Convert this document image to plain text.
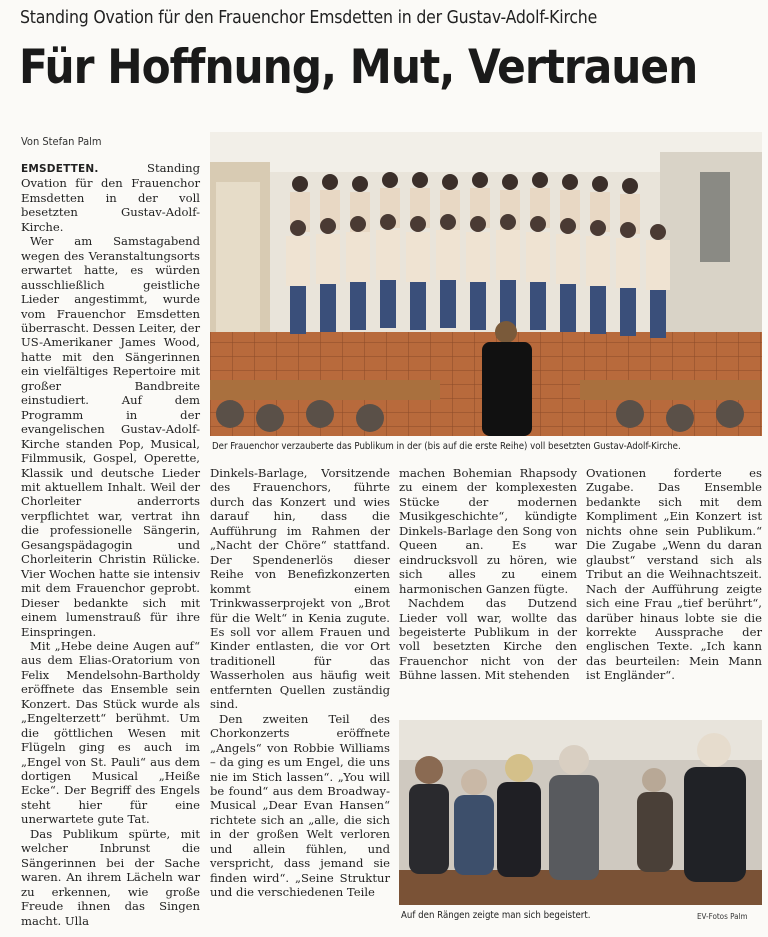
Standing Ovation für den Frauenchor Emsdetten in der Gustav-Adolf-Kirche
Für Hoffnung, Mut, Vertrauen
Von Stefan Palm
Der Frauenchor verzauberte das Publikum in der (bis auf die erste Reihe) voll besetzten Gustav-Adolf-Kirche.

EMSDETTEN.	Standing Ovation für den Frauenchor Emsdetten in der voll besetzten Gustav-Adolf-Kirche.

Wer am Samstagabend wegen des Veranstaltungsorts erwartet hatte, es würden ausschließlich geistliche Lieder angestimmt, wurde vom Frauenchor Emsdetten überrascht. Dessen Leiter, der US-Amerikaner James Wood, hatte mit den Sängerinnen ein vielfältiges Repertoire mit großer Bandbreite einstudiert. Auf dem Programm in der evangelischen Gustav-Adolf-Kirche standen Pop, Musical, Filmmusik, Gospel, Operette, Klassik und deutsche Lieder mit aktuellem Inhalt. Weil der Chorleiter anderrorts verpflichtet war, vertrat ihn die professionelle Sängerin, Gesangspädagogin und Chorleiterin Christin Rülicke. Vier Wochen hatte sie intensiv mit dem Frauenchor geprobt. Dieser bedankte sich mit einem lumenstrauß für ihre Einspringen.

Mit „Hebe deine Augen auf“ aus dem Elias-Oratorium von Felix Mendelsohn-Bartholdy eröffnete das Ensemble sein Konzert. Das Stück wurde als „Engelterzett“ berühmt. Um die göttlichen Wesen mit Flügeln ging es auch im „Engel von St. Pauli“ aus dem dortigen Musical „Heiße Ecke“. Der Begriff des Engels steht hier für eine unerwartete gute Tat.

Das Publikum spürte, mit welcher Inbrunst die Sängerinnen bei der Sache waren. An ihrem Lächeln war zu erkennen, wie große Freude ihnen das Singen macht. Ulla

Dinkels-Barlage, Vorsitzende des Frauenchors, führte durch das Konzert und wies darauf hin, dass die Aufführung im Rahmen der „Nacht der Chöre“ stattfand. Der Spendenerlös dieser Reihe von Benefizkonzerten kommt einem Trinkwasserprojekt von „Brot für die Welt“ in Kenia zugute. Es soll vor allem Frauen und Kinder entlasten, die vor Ort traditionell für das Wasserholen aus häufig weit entfernten Quellen zuständig sind.

Den zweiten Teil des Chorkonzerts eröffnete „Angels“ von Robbie Williams – da ging es um Engel, die uns nie im Stich lassen“. „You will be found“ aus dem Broadway-Musical „Dear Evan Hansen“ richtete sich an „alle, die sich in der großen Welt verloren und allein fühlen, und verspricht, dass jemand sie finden wird“. „Seine Struktur und die verschiedenen Teile

machen Bohemian Rhapsody zu einem der komplexesten Stücke der modernen Musikgeschichte“, kündigte Dinkels-Barlage den Song von Queen an. Es war eindrucksvoll zu hören, wie sich alles zu einem harmonischen Ganzen fügte.

Nachdem das Dutzend Lieder voll war, wollte das begeisterte Publikum in der voll besetzten Kirche den Frauenchor nicht von der Bühne lassen. Mit stehenden

Ovationen forderte es Zugabe. Das Ensemble bedankte sich mit dem Kompliment „Ein Konzert ist nichts ohne sein Publikum.“ Die Zugabe „Wenn du daran glaubst“ verstand sich als Tribut an die Weihnachtszeit. Nach der Aufführung zeigte sich eine Frau „tief berührt“, darüber hinaus lobte sie die korrekte Aussprache der englischen Texte. „Ich kann das beurteilen: Mein Mann ist Engländer“.

Auf den Rängen zeigte man sich begeistert.	EV-Fotos Palm
